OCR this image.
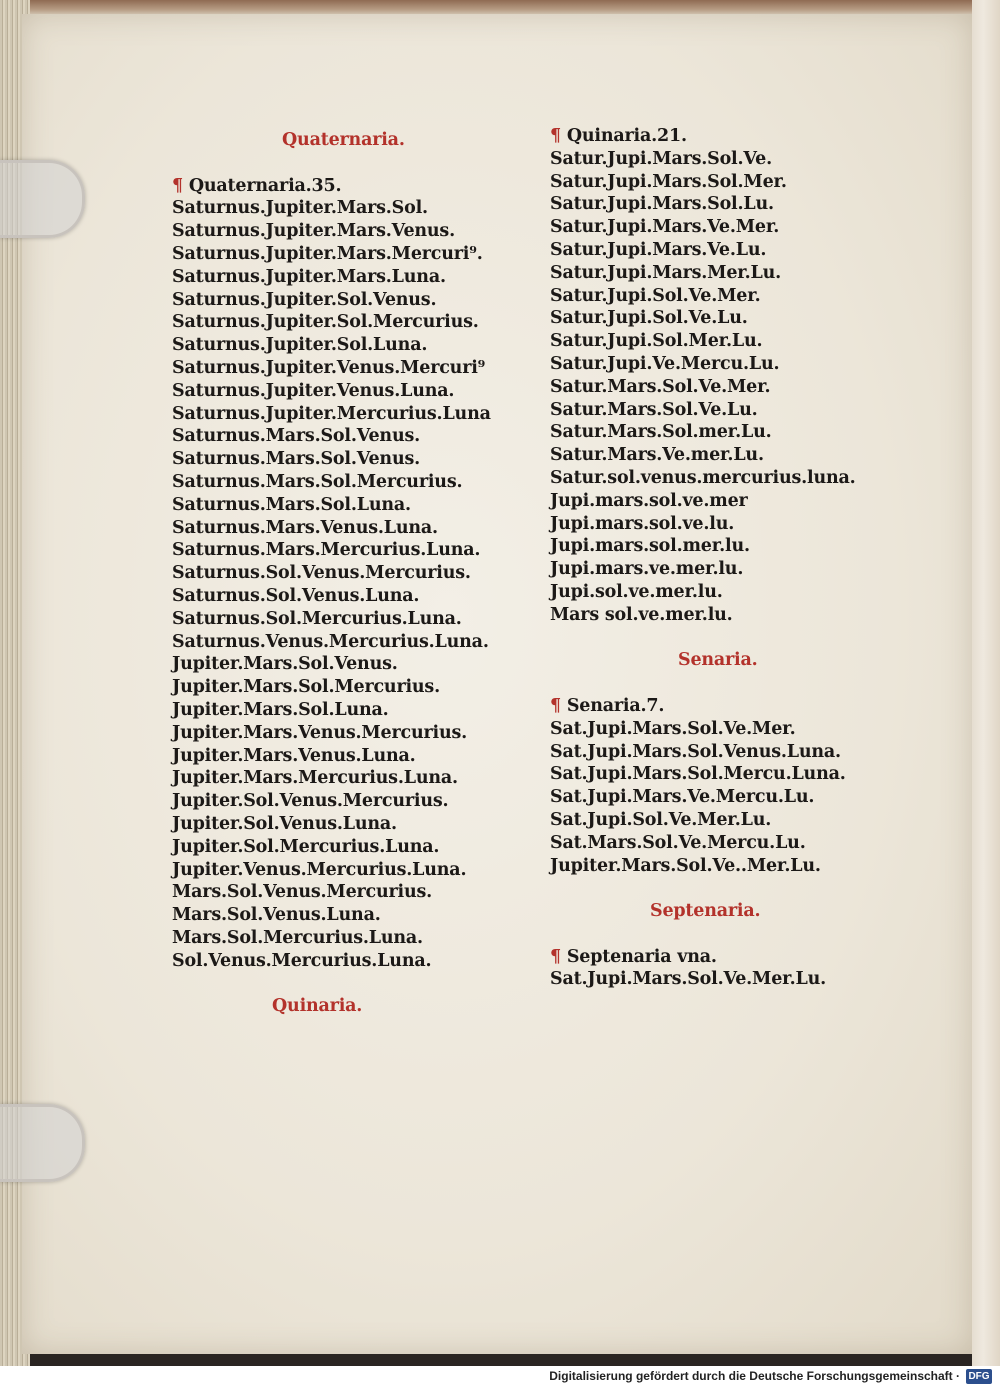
Quaternaria.
¶ Quaternaria.35.
Saturnus.Jupiter.Mars.Sol.
Saturnus.Jupiter.Mars.Venus.
Saturnus.Jupiter.Mars.Mercuri⁹.
Saturnus.Jupiter.Mars.Luna.
Saturnus.Jupiter.Sol.Venus.
Saturnus.Jupiter.Sol.Mercurius.
Saturnus.Jupiter.Sol.Luna.
Saturnus.Jupiter.Venus.Mercuri⁹
Saturnus.Jupiter.Venus.Luna.
Saturnus.Jupiter.Mercurius.Luna
Saturnus.Mars.Sol.Venus.
Saturnus.Mars.Sol.Venus.
Saturnus.Mars.Sol.Mercurius.
Saturnus.Mars.Sol.Luna.
Saturnus.Mars.Venus.Luna.
Saturnus.Mars.Mercurius.Luna.
Saturnus.Sol.Venus.Mercurius.
Saturnus.Sol.Venus.Luna.
Saturnus.Sol.Mercurius.Luna.
Saturnus.Venus.Mercurius.Luna.
Jupiter.Mars.Sol.Venus.
Jupiter.Mars.Sol.Mercurius.
Jupiter.Mars.Sol.Luna.
Jupiter.Mars.Venus.Mercurius.
Jupiter.Mars.Venus.Luna.
Jupiter.Mars.Mercurius.Luna.
Jupiter.Sol.Venus.Mercurius.
Jupiter.Sol.Venus.Luna.
Jupiter.Sol.Mercurius.Luna.
Jupiter.Venus.Mercurius.Luna.
Mars.Sol.Venus.Mercurius.
Mars.Sol.Venus.Luna.
Mars.Sol.Mercurius.Luna.
Sol.Venus.Mercurius.Luna.
Quinaria.
¶ Quinaria.21.
Satur.Jupi.Mars.Sol.Ve.
Satur.Jupi.Mars.Sol.Mer.
Satur.Jupi.Mars.Sol.Lu.
Satur.Jupi.Mars.Ve.Mer.
Satur.Jupi.Mars.Ve.Lu.
Satur.Jupi.Mars.Mer.Lu.
Satur.Jupi.Sol.Ve.Mer.
Satur.Jupi.Sol.Ve.Lu.
Satur.Jupi.Sol.Mer.Lu.
Satur.Jupi.Ve.Mercu.Lu.
Satur.Mars.Sol.Ve.Mer.
Satur.Mars.Sol.Ve.Lu.
Satur.Mars.Sol.mer.Lu.
Satur.Mars.Ve.mer.Lu.
Satur.sol.venus.mercurius.luna.
Jupi.mars.sol.ve.mer
Jupi.mars.sol.ve.lu.
Jupi.mars.sol.mer.lu.
Jupi.mars.ve.mer.lu.
Jupi.sol.ve.mer.lu.
Mars sol.ve.mer.lu.
Senaria.
¶ Senaria.7.
Sat.Jupi.Mars.Sol.Ve.Mer.
Sat.Jupi.Mars.Sol.Venus.Luna.
Sat.Jupi.Mars.Sol.Mercu.Luna.
Sat.Jupi.Mars.Ve.Mercu.Lu.
Sat.Jupi.Sol.Ve.Mer.Lu.
Sat.Mars.Sol.Ve.Mercu.Lu.
Jupiter.Mars.Sol.Ve..Mer.Lu.
Septenaria.
¶ Septenaria vna.
Sat.Jupi.Mars.Sol.Ve.Mer.Lu.
Digitalisierung gefördert durch die Deutsche Forschungsgemeinschaft · DFG
